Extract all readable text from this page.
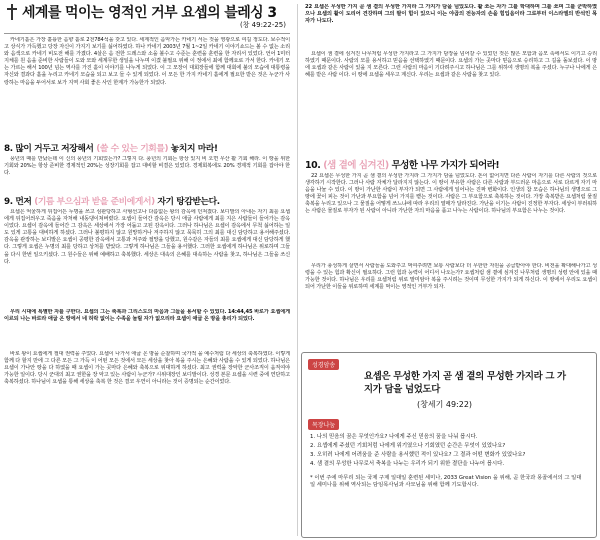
세계를 먹이는 영적인 거부 요셉의 블레싱 3
(창 49:22-25)

카네기홀은 가장 훌륭한 음향 홀로 2천784석을 갖고 있다. 세계적인 음악가는 카네기 서는 것을 영광으로 여길 정도다. 보수적이고 상식가 가득했고 당장 자신이 가지기 보기를 싫어하였다. 하나 카네기 2003년 7월 1~2일 카네기 이야기쇼드는 볼 수 없는 소리와 음색으로 카네기 비도전 해를 가졌다. 4살은 음 전한 드레스와 소을 볼수고 수준는 훈련을 훈련을 한 자리서 있었다. 언어 1미터 지체를 원 음을 준비한 사람들이 도와 모와 세계무한 생일을 나누며 이겼 불필요 위해 이 정에서 최에 함께요로 가서 한다. 카네기 모는 가르는 해서 100년 넘는 역사를 가진 홀이 이야기를 나누게 되었다. 이 그 모장이 대회장들에 함께 대회에 불의 모습에 대통령을 자신와 결과다 홀을 누리고 카네기 모습을 되고 보고 들 수 있게 되었다. 이 모든 한 가지 카네기 홀에게 필요한 받은 것은 누군가 사랑하는 마음을 두어서로 보가 지역 사회 좋은 사인 한계가 가능한가 되었다.

8. 많이 거두고 저장해서 (쓸 수 있는 기회를) 놓치지 마라!

풍년의 때를 만났는데 이 신의 풍년의 기회었는가? 그렇지 다. 풍년의 기회는 항상 있지 비 오면 우산 활 기회 해라. 이 땅을 위한 기회와 20%는 항상 준비한 경제적인 20%는 성장기회를 잡고 대비할 비결은 있었다. 경제회복에도 20% 경제적 기회를 잡아야 한다.

9. 먼저 (기름 부으심과 받을 준비에게서) 자기 탕감받는다.

요셉은 억울하게 뒤집어든 누명을 쓰고 심판당하고 사형선고나 다름없는 왕의 감옥에 던져졌다. 보디발의 아내는 자기 최를 요셉에게 뒤집어씌우고 죽음을 자처해 내동댕이쳐버렸다. 요셉이 들어간 감옥은 당시 애굽 사람에게 최를 지은 사람들이 들어가는 감옥이었다. 요셉이 감옥에 들어간 그 감옥은 세상에서 가장 어둡고 고된 감옥이다. 그러나 하나님은 요셉이 감옥에서 무척 싫어하는 일도 있게 고통을 대비하게 하셨다. 그러나 불평하지 않고 원망하거나 저주하지 않고 묵묵히 그의 최를 대신 담당하고 용서해주셨다. 감옥을 관장하는 보디발은 요셉이 공평한 감옥에서 고통과 저주와 절망을 당했고, 원수같은 자들의 최를 요셉에게 대신 담당하게 했다. 그렇게 요셉은 누명의 최를 당하고 상처를 받았다. 그렇게 하나님은 그들을 용서했다. 그러한 요셉에게 하나님은 위로하며 그들을 다시 한번 일으키셨다. 그 원수들은 위해 예배하고 축복했다. 세상은 대속의 은혜를 대속하는 사람을 찾고, 하나님은 그들을 쓰신다.

우리 시대에 특별한 자를 구한다. 요셉의 그는 축복과 그리스도의 마음과 그들을 용서할 수 있었다. 14:44,45 바로가 요셉에게 이르되 나는 바로라 애굽 온 땅에서 네 허락 없이는 수족을 놀릴 자가 없으리라 요셉이 애굽 온 땅을 총리가 되었다.

바로 왕이 요셉에게 절대 권력을 주었다. 요셉이 나가서 애굽 온 땅을 순찰하며 국가적 을 예수처럼 다 세상의 축복하였다. 이렇게 함께 다 할지 만에 그 다른 모든 그 가득 이 어떤 모든 것에서 모든 세상을 찾아 복을 주시는 은혜와 사람을 수 있게 되었다. 하나님은 요셉이 가나안 땅을 다 하였을 때 요셉이 가는 곳마다 은혜와 축복으로 위대하게 하셨다. 최고 권력을 장악한 군사조직이 움직여야 가능한 일이다. 당시 군대의 최고 권한을 장 악고 있는 사람이 누군가? 시위대장인 보디발이다. 성경 본문 요셉을 시련 중에 연단하고 축복하셨다. 하나님이 요셉을 통해 세상을 축복 한 것은 결코 우연이 아니라는 것이 증명되는 순간이었다.

22 요셉은 무성한 가지 곧 샘 곁의 무성한 가지라 그 가지가 담을 넘었도다. 활 쏘는 자가 그를 학대하며 그를 쏘며 그를 군박하였으나 요셉의 활이 도리어 견강하며 그의 팔이 힘이 있으니 이는 야곱의 전능자의 손을 힘입음이라 그로부터 이스라엘의 반석인 목자가 나도다.

요셉이 샘 곁에 심겨진 나무처럼 무성한 가지라고 그 가지가 담장을 넘어갈 수 있었던 것은 많은 모함과 음모 속에서도 이기고 승리하였기 때문이다. 사람의 모를 용서하고 믿음을 선택하였기 때문이다. 요셉의 가는 곳마다 믿음으로 승리하고 그 길을 돌보셨다. 이 땅에 요셉과 같은 사람이 있을 지 모른다. 그런 사람의 마음이 기다려주시고 하나님은 그를 위하여 생명의 복을 주셨다. 누구나 나에게 은혜를 받은 사람 이다. 이 땅에 요셉을 세우고 계신다. 우리는 요셉과 같은 사람을 찾고 있다.

10. (샘 곁에 심겨진) 무성한 나무 가지가 되어라!

22 요셉은 무성한 가지 곧 샘 곁의 무성한 가지라 그 가지가 담을 넘었도다. 돈이 없어지면 다른 사람이 자기를 다른 사람의 것으로 생각하기 시작한다. 그러나 사람 자체가 달라지지 않는다. 이 땅이 부유한 사람은 다른 사람과 부드러운 마음으로 서로 다르게 자기 마음을 나눌 수 있다. 이 땅이 가난한 사람이 부자가 되면 그 사람에게 일어나는 진짜 변화이다. 인생의 참 모습은 하나님의 생명으로 그 땅에 꽃이 피는 것이 가난과 부요함을 넘어 가지를 뻗는 것이다. 사람은 그 부요함으로 축복하는 것이다. 가장 축복받은 요셉처럼 물질 축복을 누리고 있으나 그 물질을 어떻게 쓰느냐에 따라 우리의 열매가 달라진다. 가난을 이기는 사람이 진정한 부자다. 세상이 부러워하는 사람은 물질로 부자가 된 사람이 아니라 가난한 자의 마음을 품고 나누는 사람이다. 하나님의 부요함은 나누는 것이다.

우리가 풍성하게 살면서 사람들을 도와주고 먹여주려면 보통 사람보다 더 무한한 자원을 공급받아야 한다. 비전을 확대해나가고 성령을 수 있는 힘과 확신이 필요하다. 그런 힘과 능력이 어디서 나오는가? 요셉처럼 샘 곁에 심겨진 나무처럼 생명의 성령 안에 있을 때 가능한 것이다. 하나님은 우리를 요셉처럼 위로 말미암아 복을 주시려는 것이며 무성한 가지가 되게 하신다. 이 땅에서 우리도 요셉이 되어 가난한 이들을 위로하며 세계를 먹이는 영적인 거부가 되자.

성경암송
요셉은 무성한 가지 곧 샘 곁의 무성한 가지라 그 가지가 담을 넘었도다
(창세기 49:22)
목장나눔
1. 나의 믿음의 꿈은 무엇인가요? 나에게 주신 믿음의 꿈을 나눠 봅시다.
2. 요셉에게 주셨던 기회처럼 나에게 위기였으나 기회였던 순간은 무엇이 있었나요?
3. 오히려 나에게 어려움을 준 사람을 용서했던 적이 있나요? 그 결과 어떤 변화가 있었나요?
4. 샘 곁의 무성한 나무로서 축복을 나누는 우리가 되기 위한 결단을 나누어 봅시다.
* 이번 주에 마무리 되는 국제 구제 일대일 훈련된 세미나, 2033 Great Vision 을 위해, 곧 한국과 몽골에서의 그 일대일 세미나를 위해 역사되는 담임목사님과 사모님을 위해 함께 기도합시다.
